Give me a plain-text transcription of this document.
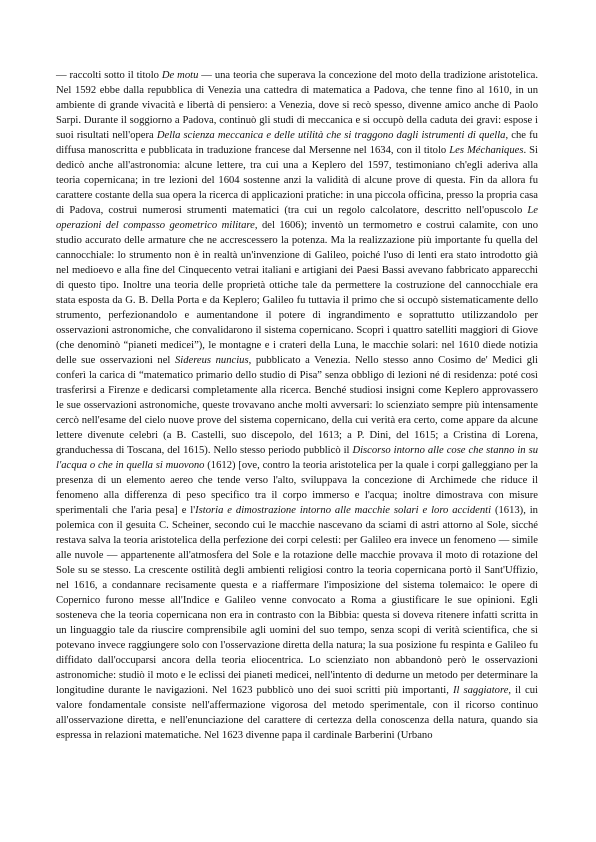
— raccolti sotto il titolo De motu — una teoria che superava la concezione del moto della tradizione aristotelica. Nel 1592 ebbe dalla repubblica di Venezia una cattedra di matematica a Padova, che tenne fino al 1610, in un ambiente di grande vivacità e libertà di pensiero: a Venezia, dove si recò spesso, divenne amico anche di Paolo Sarpi. Durante il soggiorno a Padova, continuò gli studi di meccanica e si occupò della caduta dei gravi: espose i suoi risultati nell'opera Della scienza meccanica e delle utilità che si traggono dagli istrumenti di quella, che fu diffusa manoscritta e pubblicata in traduzione francese dal Mersenne nel 1634, con il titolo Les Méchaniques. Si dedicò anche all'astronomia: alcune lettere, tra cui una a Keplero del 1597, testimoniano ch'egli aderiva alla teoria copernicana; in tre lezioni del 1604 sostenne anzi la validità di alcune prove di questa. Fin da allora fu carattere costante della sua opera la ricerca di applicazioni pratiche: in una piccola officina, presso la propria casa di Padova, costruì numerosi strumenti matematici (tra cui un regolo calcolatore, descritto nell'opuscolo Le operazioni del compasso geometrico militare, del 1606); inventò un termometro e costruì calamite, con uno studio accurato delle armature che ne accrescessero la potenza. Ma la realizzazione più importante fu quella del cannocchiale: lo strumento non è in realtà un'invenzione di Galileo, poiché l'uso di lenti era stato introdotto già nel medioevo e alla fine del Cinquecento vetrai italiani e artigiani dei Paesi Bassi avevano fabbricato apparecchi di questo tipo. Inoltre una teoria delle proprietà ottiche tale da permettere la costruzione del cannocchiale era stata esposta da G. B. Della Porta e da Keplero; Galileo fu tuttavia il primo che si occupò sistematicamente dello strumento, perfezionandolo e aumentandone il potere di ingrandimento e soprattutto utilizzandolo per osservazioni astronomiche, che convalidarono il sistema copernicano. Scoprì i quattro satelliti maggiori di Giove (che denominò “pianeti medicei”), le montagne e i crateri della Luna, le macchie solari: nel 1610 diede notizia delle sue osservazioni nel Sidereus nuncius, pubblicato a Venezia. Nello stesso anno Cosimo de' Medici gli conferì la carica di “matematico primario dello studio di Pisa” senza obbligo di lezioni né di residenza: poté così trasferirsi a Firenze e dedicarsi completamente alla ricerca. Benché studiosi insigni come Keplero approvassero le sue osservazioni astronomiche, queste trovavano anche molti avversari: lo scienziato sempre più intensamente cercò nell'esame del cielo nuove prove del sistema copernicano, della cui verità era certo, come appare da alcune lettere divenute celebri (a B. Castelli, suo discepolo, del 1613; a P. Dini, del 1615; a Cristina di Lorena, granduchessa di Toscana, del 1615). Nello stesso periodo pubblicò il Discorso intorno alle cose che stanno in su l'acqua o che in quella si muovono (1612) [ove, contro la teoria aristotelica per la quale i corpi galleggiano per la presenza di un elemento aereo che tende verso l'alto, sviluppava la concezione di Archimede che riduce il fenomeno alla differenza di peso specifico tra il corpo immerso e l'acqua; inoltre dimostrava con misure sperimentali che l'aria pesa] e l'Istoria e dimostrazione intorno alle macchie solari e loro accidenti (1613), in polemica con il gesuita C. Scheiner, secondo cui le macchie nascevano da sciami di astri attorno al Sole, sicché restava salva la teoria aristotelica della perfezione dei corpi celesti: per Galileo era invece un fenomeno — simile alle nuvole — appartenente all'atmosfera del Sole e la rotazione delle macchie provava il moto di rotazione del Sole su se stesso. La crescente ostilità degli ambienti religiosi contro la teoria copernicana portò il Sant'Uffizio, nel 1616, a condannare recisamente questa e a riaffermare l'imposizione del sistema tolemaico: le opere di Copernico furono messe all'Indice e Galileo venne convocato a Roma a giustificare le sue opinioni. Egli sosteneva che la teoria copernicana non era in contrasto con la Bibbia: questa si doveva ritenere infatti scritta in un linguaggio tale da riuscire comprensibile agli uomini del suo tempo, senza scopi di verità scientifica, che si potevano invece raggiungere solo con l'osservazione diretta della natura; la sua posizione fu respinta e Galileo fu diffidato dall'occuparsi ancora della teoria eliocentrica. Lo scienziato non abbandonò però le osservazioni astronomiche: studiò il moto e le eclissi dei pianeti medicei, nell'intento di dedurne un metodo per determinare la longitudine durante le navigazioni. Nel 1623 pubblicò uno dei suoi scritti più importanti, Il saggiatore, il cui valore fondamentale consiste nell'affermazione vigorosa del metodo sperimentale, con il ricorso continuo all'osservazione diretta, e nell'enunciazione del carattere di certezza della conoscenza della natura, quando sia espressa in relazioni matematiche. Nel 1623 divenne papa il cardinale Barberini (Urbano
